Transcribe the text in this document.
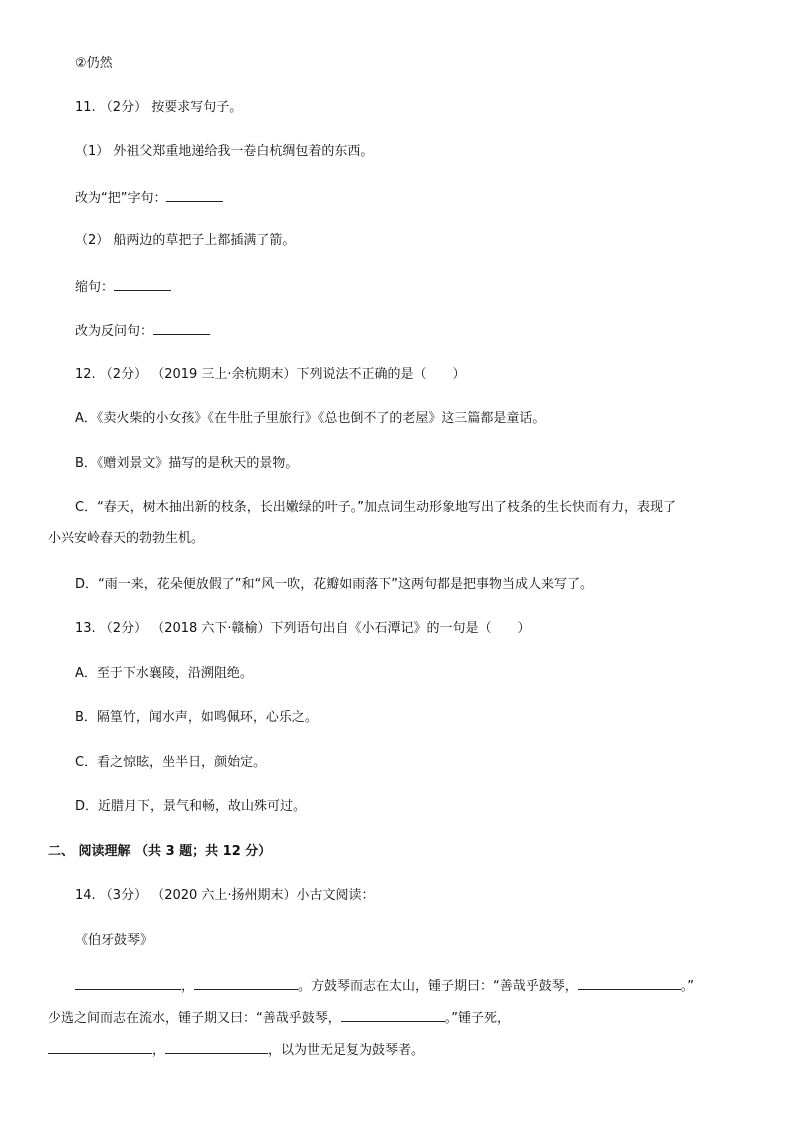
②仍然
11. （2分） 按要求写句子。
（1） 外祖父郑重地递给我一卷白杭绸包着的东西。
改为“把”字句：
（2） 船两边的草把子上都插满了箭。
缩句：
改为反问句：
12. （2分） （2019 三上·余杭期末）下列说法不正确的是（　　）
A．《卖火柴的小女孩》《在牛肚子里旅行》《总也倒不了的老屋》这三篇都是童话。
B．《赠刘景文》描写的是秋天的景物。
C．“春天，树木抽出新的枝条，长出嫩绿的叶子。”加点词生动形象地写出了枝条的生长快而有力，表现了
小兴安岭春天的勃勃生机。
D．“雨一来，花朵便放假了”和“风一吹，花瓣如雨落下”这两句都是把事物当成人来写了。
13. （2分） （2018 六下·赣榆）下列语句出自《小石潭记》的一句是（　　）
A．至于下水襄陵，沿溯阻绝。
B．隔篁竹，闻水声，如鸣佩环，心乐之。
C．看之惊眩，坐半日，颜始定。
D．近腊月下，景气和畅，故山殊可过。
二、 阅读理解 （共 3 题；共 12 分）
14. （3分） （2020 六上·扬州期末）小古文阅读：
《伯牙鼓琴》
，	。方鼓琴而志在太山，锺子期曰：“善哉乎鼓琴，	。”
少选之间而志在流水，锺子期又曰：“善哉乎鼓琴，	。”锺子死，
，	，以为世无足复为鼓琴者。
